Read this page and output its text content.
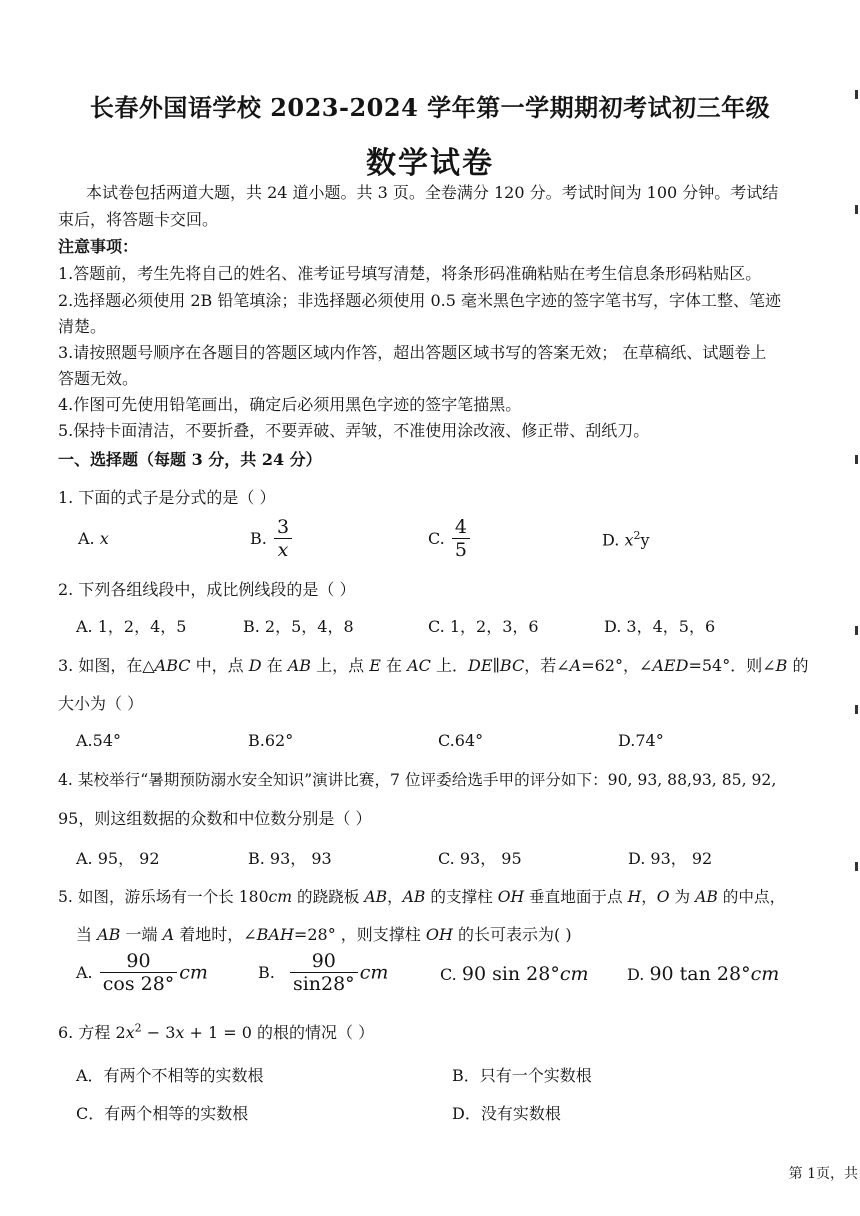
长春外国语学校 2023-2024 学年第一学期期初考试初三年级
数学试卷
本试卷包括两道大题，共 24 道小题。共 3 页。全卷满分 120 分。考试时间为 100 分钟。考试结
束后，将答题卡交回。
注意事项：
1.答题前，考生先将自己的姓名、准考证号填写清楚，将条形码准确粘贴在考生信息条形码粘贴区。
2.选择题必须使用 2B 铅笔填涂；非选择题必须使用 0.5 毫米黑色字迹的签字笔书写，字体工整、笔迹
清楚。
3.请按照题号顺序在各题目的答题区域内作答，超出答题区域书写的答案无效； 在草稿纸、试题卷上
答题无效。
4.作图可先使用铅笔画出，确定后必须用黑色字迹的签字笔描黑。
5.保持卡面清洁，不要折叠，不要弄破、弄皱，不准使用涂改液、修正带、刮纸刀。
一、选择题（每题 3 分，共 24 分）
1. 下面的式子是分式的是（ ）
A. x	B. $\frac{3}{x}$	C. $\frac{4}{5}$	D. $x^2y$
2. 下列各组线段中，成比例线段的是（ ）
A. 1，2，4，5	B. 2，5，4，8	C. 1，2，3，6	D. 3，4，5，6
3. 如图，在△ABC 中，点 D 在 AB 上，点 E 在 AC 上．DE∥BC，若∠A=62°，∠AED=54°．则∠B 的
大小为（ ）
A.54°	B.62°	C.64°	D.74°
4. 某校举行“暑期预防溺水安全知识”演讲比赛，7 位评委给选手甲的评分如下：90, 93, 88,93, 85, 92,
95，则这组数据的众数和中位数分别是（ ）
A. 95， 92	B. 93， 93	C. 93， 95	D. 93， 92
5. 如图，游乐场有一个长 180cm 的跷跷板 AB，AB 的支撑柱 OH 垂直地面于点 H，O 为 AB 的中点，
当 AB 一端 A 着地时，∠BAH=28° ，则支撑柱 OH 的长可表示为( )
A. $\frac{90}{\cos 28^\circ}$ cm	B. $\frac{90}{\sin 28^\circ}$ cm	C. 90 sin 28°cm D. 90 tan 28°cm
6. 方程 $2x^2 - 3x + 1 = 0$ 的根的情况（ ）
A．有两个不相等的实数根	B．只有一个实数根
C．有两个相等的实数根	D．没有实数根
第 1页，共
